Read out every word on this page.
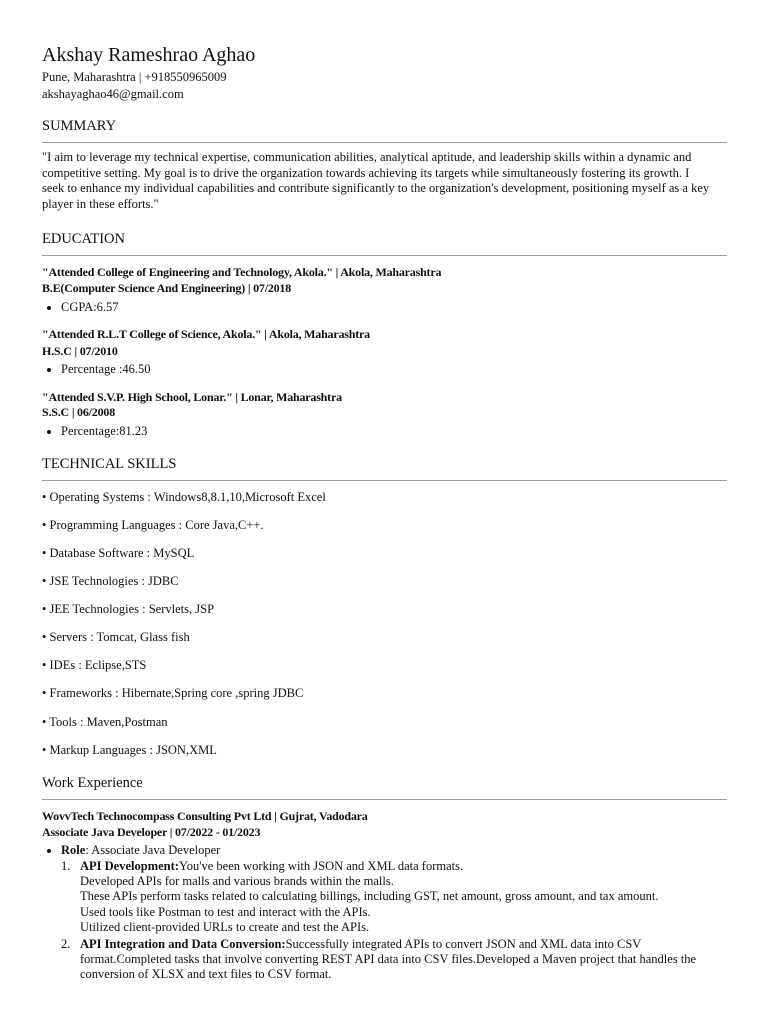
Akshay Rameshrao Aghao
Pune, Maharashtra | +918550965009
akshayaghao46@gmail.com
SUMMARY
"I aim to leverage my technical expertise, communication abilities, analytical aptitude, and leadership skills within a dynamic and competitive setting. My goal is to drive the organization towards achieving its targets while simultaneously fostering its growth. I seek to enhance my individual capabilities and contribute significantly to the organization's development, positioning myself as a key player in these efforts."
EDUCATION
"Attended College of Engineering and Technology, Akola." | Akola, Maharashtra
B.E(Computer Science And Engineering) | 07/2018
CGPA:6.57
"Attended R.L.T College of Science, Akola." | Akola, Maharashtra
H.S.C | 07/2010
Percentage :46.50
"Attended S.V.P. High School, Lonar." | Lonar, Maharashtra
S.S.C | 06/2008
Percentage:81.23
TECHNICAL SKILLS
• Operating Systems : Windows8,8.1,10,Microsoft Excel
• Programming Languages : Core Java,C++.
• Database Software : MySQL
• JSE Technologies : JDBC
• JEE Technologies : Servlets, JSP
• Servers : Tomcat, Glass fish
• IDEs : Eclipse,STS
• Frameworks : Hibernate,Spring core ,spring JDBC
• Tools : Maven,Postman
• Markup Languages : JSON,XML
Work Experience
WovvTech Technocompass Consulting Pvt Ltd | Gujrat, Vadodara
Associate Java Developer | 07/2022 - 01/2023
Role: Associate Java Developer
1. API Development:You've been working with JSON and XML data formats.
Developed APIs for malls and various brands within the malls.
These APIs perform tasks related to calculating billings, including GST, net amount, gross amount, and tax amount.
Used tools like Postman to test and interact with the APIs.
Utilized client-provided URLs to create and test the APIs.
2. API Integration and Data Conversion:Successfully integrated APIs to convert JSON and XML data into CSV format.Completed tasks that involve converting REST API data into CSV files.Developed a Maven project that handles the conversion of XLSX and text files to CSV format.
